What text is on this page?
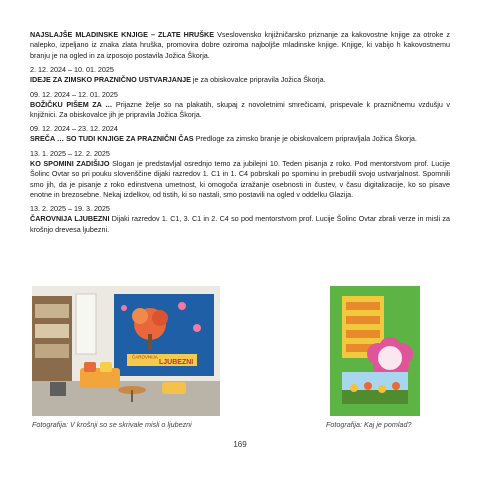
NAJSLAJŠE MLADINSKE KNJIGE – ZLATE HRUŠKE Vseslovensko knjižničarsko priznanje za kakovostne knjige za otroke z nalepko, izpeljano iz znaka zlata hruška, promovira dobre oziroma najboljše mladinske knjige. Knjige, ki vabijo h kakovostnemu branju je na ogled in za izposojo postavila Jožica Škorja.

2. 12. 2024 – 10. 01. 2025

IDEJE ZA ZIMSKO PRAZNIČNO USTVARJANJE je za obiskovalce pripravila Jožica Škorja.

09. 12. 2024 – 12. 01. 2025

BOŽIČKU PIŠEM ZA … Prijazne želje so na plakatih, skupaj z novoletnimi smrečicami, prispevale k prazničnemu vzdušju v knjižnici. Za obiskovalce jih je pripravila Jožica Škorja.

09. 12. 2024 – 23. 12. 2024

SREČA … SO TUDI KNJIGE ZA PRAZNIČNI ČAS Predloge za zimsko branje je obiskovalcem pripravljala Jožica Škorja.

13. 1. 2025 – 12. 2. 2025

KO SPOMINI ZADIŠIJO Slogan je predstavljal osrednjo temo za jubilejni 10. Teden pisanja z roko. Pod mentorstvom prof. Lucije Šolinc Ovtar so pri pouku slovenščine dijaki razredov 1. C1 in 1. C4 pobrskali po spominu in prebudili svojo ustvarjalnost. Spomnili smo jih, da je pisanje z roko edinstvena umetnost, ki omogoča izražanje osebnosti in čustev, v času digitalizacije, ko so pisave enotne in brezosebne. Nekaj izdelkov, od tistih, ki so nastali, smo postavili na ogled v oddelku Glazija.

13. 2. 2025 – 19. 3. 2025

ČAROVNIJA LJUBEZNI Dijaki razredov 1. C1, 3. C1 in 2. C4 so pod mentorstvom prof. Lucije Šolinc Ovtar zbrali verze in misli za krošnjo drevesa ljubezni.

ČAROVNIJA
LJUBEZNI
Fotografija: V krošnji so se skrivale misli o ljubezni	Fotografija: Kaj je pomlad?
169
